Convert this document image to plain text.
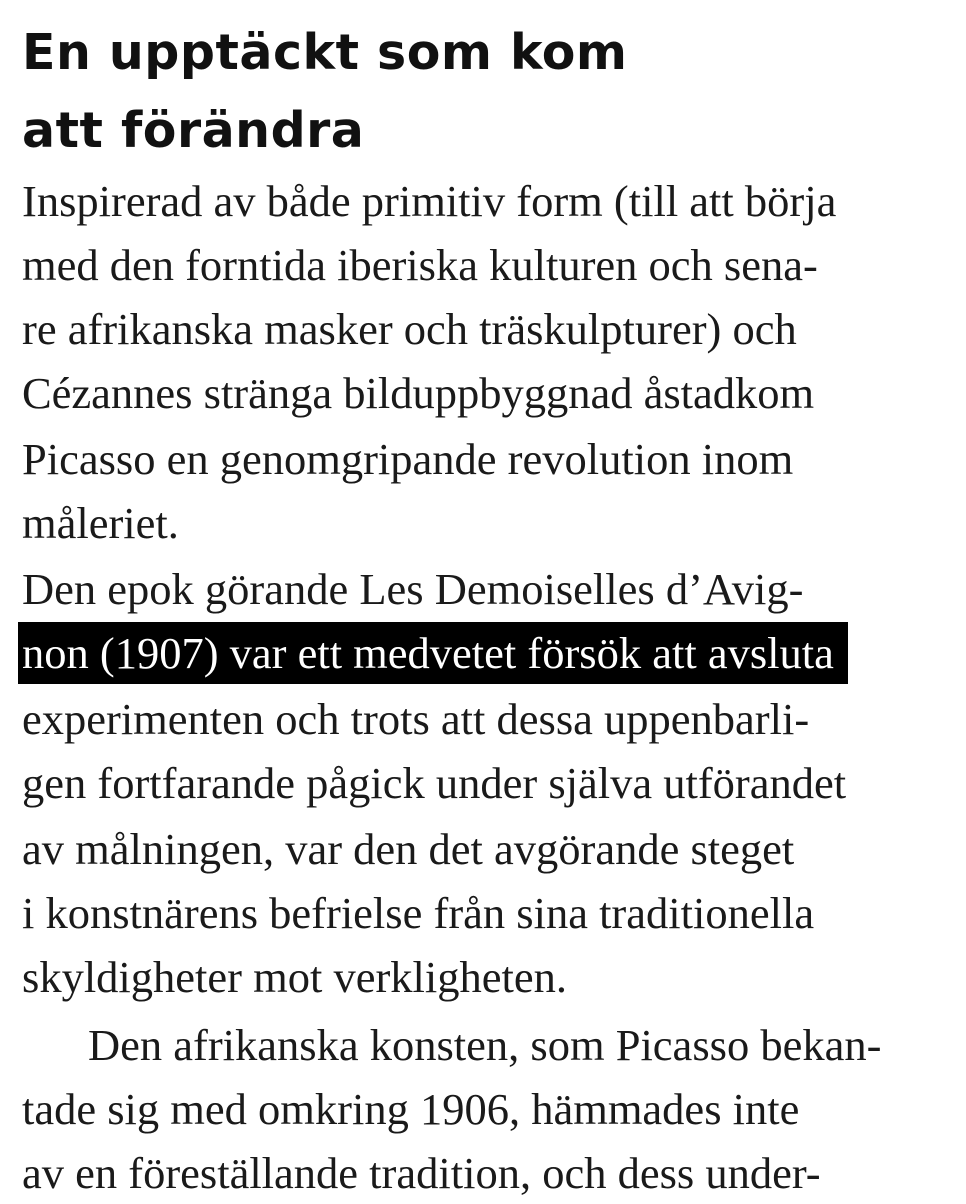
En upptäckt som kom
att förändra
Inspirerad av både primitiv form (till att börja
med den forntida iberiska kulturen och sena-
re afrikanska masker och träskulpturer) och
Cézannes stränga bilduppbyggnad åstadkom
Picasso en genomgripande revolution inom
måleriet.
Den epok görande Les Demoiselles d’Avig-
non (1907) var ett medvetet försök att avsluta
experimenten och trots att dessa uppenbarli-
gen fortfarande pågick under själva utförandet
av målningen, var den det avgörande steget
i konstnärens befrielse från sina traditionella
skyldigheter mot verkligheten.
Den afrikanska konsten, som Picasso bekan-
tade sig med omkring 1906, hämmades inte
av en föreställande tradition, och dess under-
